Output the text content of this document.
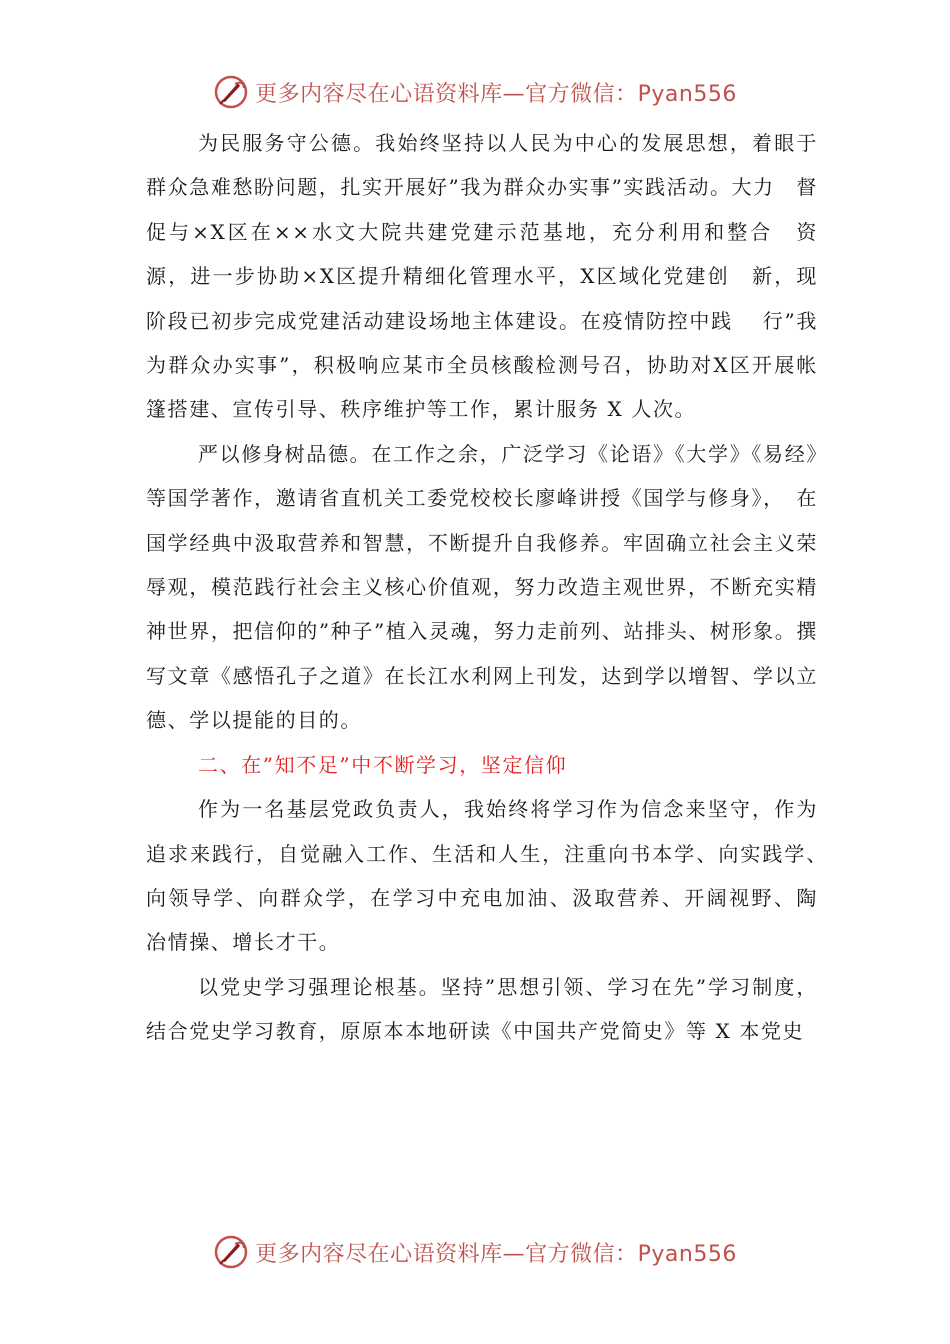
更多内容尽在心语资料库—官方微信：Pyan556

为民服务守公德。我始终坚持以人民为中心的发展思想，着眼于群众急难愁盼问题，扎实开展好”我为群众办实事”实践活动。大力　督促与×X区在××水文大院共建党建示范基地，充分利用和整合　资源，进一步协助×X区提升精细化管理水平，X区域化党建创　新，现阶段已初步完成党建活动建设场地主体建设。在疫情防控中践　 行”我为群众办实事”，积极响应某市全员核酸检测号召，协助对X区开展帐篷搭建、宣传引导、秩序维护等工作，累计服务 X 人次。

严以修身树品德。在工作之余，广泛学习《论语》《大学》《易经》等国学著作，邀请省直机关工委党校校长廖峰讲授《国学与修身》，　在国学经典中汲取营养和智慧，不断提升自我修养。牢固确立社会主义荣辱观，模范践行社会主义核心价值观，努力改造主观世界，不断充实精神世界，把信仰的”种子”植入灵魂，努力走前列、站排头、树形象。撰写文章《感悟孔子之道》在长江水利网上刊发，达到学以增智、学以立德、学以提能的目的。

二、在”知不足”中不断学习，坚定信仰

作为一名基层党政负责人，我始终将学习作为信念来坚守，作为 追求来践行，自觉融入工作、生活和人生，注重向书本学、向实践学、　向领导学、向群众学，在学习中充电加油、汲取营养、开阔视野、陶　冶情操、增长才干。

以党史学习强理论根基。坚持”思想引领、学习在先”学习制度，结合党史学习教育，原原本本地研读《中国共产党简史》等 X 本党史

更多内容尽在心语资料库—官方微信：Pyan556
